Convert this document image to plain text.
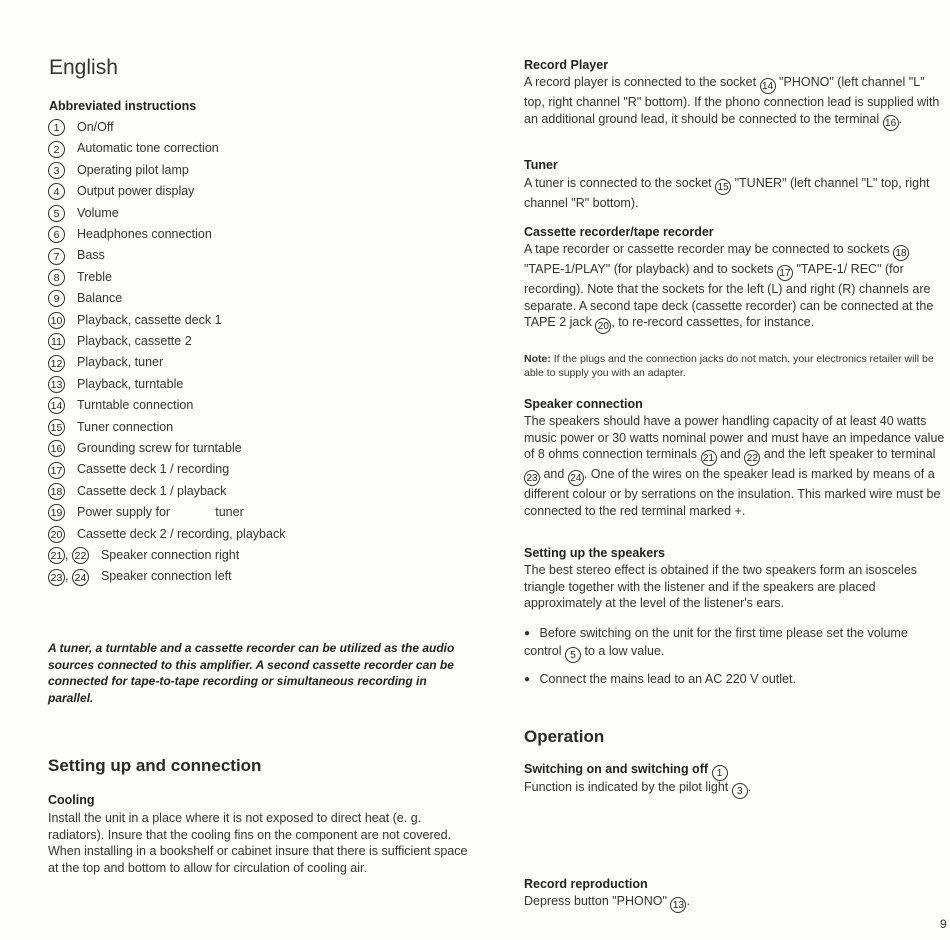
English
Abbreviated instructions
1 On/Off
2 Automatic tone correction
3 Operating pilot lamp
4 Output power display
5 Volume
6 Headphones connection
7 Bass
8 Treble
9 Balance
10 Playback, cassette deck 1
11 Playback, cassette 2
12 Playback, tuner
13 Playback, turntable
14 Turntable connection
15 Tuner connection
16 Grounding screw for turntable
17 Cassette deck 1 / recording
18 Cassette deck 1 / playback
19 Power supply for             tuner
20 Cassette deck 2 / recording, playback
21 , 22 Speaker connection right
23 , 24 Speaker connection left
A tuner, a turntable and a cassette recorder can be utilized as the audio sources connected to this amplifier. A second cassette recorder can be connected for tape-to-tape recording or simultaneous recording in parallel.
Setting up and connection
Cooling
Install the unit in a place where it is not exposed to direct heat (e. g. radiators). Insure that the cooling fins on the component are not covered. When installing in a bookshelf or cabinet insure that there is sufficient space at the top and bottom to allow for circulation of cooling air.
Record Player
A record player is connected to the socket 14 "PHONO" (left channel "L" top, right channel "R" bottom). If the phono connection lead is supplied with an additional ground lead, it should be connected to the terminal 16 .
Tuner
A tuner is connected to the socket 15 "TUNER" (left channel "L" top, right channel "R" bottom).
Cassette recorder/tape recorder
A tape recorder or cassette recorder may be connected to sockets 18 "TAPE-1/PLAY" (for playback) and to sockets 17 "TAPE-1/ REC" (for recording). Note that the sockets for the left (L) and right (R) channels are separate. A second tape deck (cassette recorder) can be connected at the TAPE 2 jack 20 , to re-record cassettes, for instance.
Note: If the plugs and the connection jacks do not match, your electronics retailer will be able to supply you with an adapter.
Speaker connection
The speakers should have a power handling capacity of at least 40 watts music power or 30 watts nominal power and must have an impedance value of 8 ohms connection terminals 21 and 22 and the left speaker to terminal 23 and 24 . One of the wires on the speaker lead is marked by means of a different colour or by serrations on the insulation. This marked wire must be connected to the red terminal marked +.
Setting up the speakers
The best stereo effect is obtained if the two speakers form an isosceles triangle together with the listener and if the speakers are placed approximately at the level of the listener's ears.
● Before switching on the unit for the first time please set the volume control 5 to a low value.
● Connect the mains lead to an AC 220 V outlet.
Operation
Switching on and switching off 1
Function is indicated by the pilot light 3 .
Record reproduction
Depress button "PHONO" 13 .
9
